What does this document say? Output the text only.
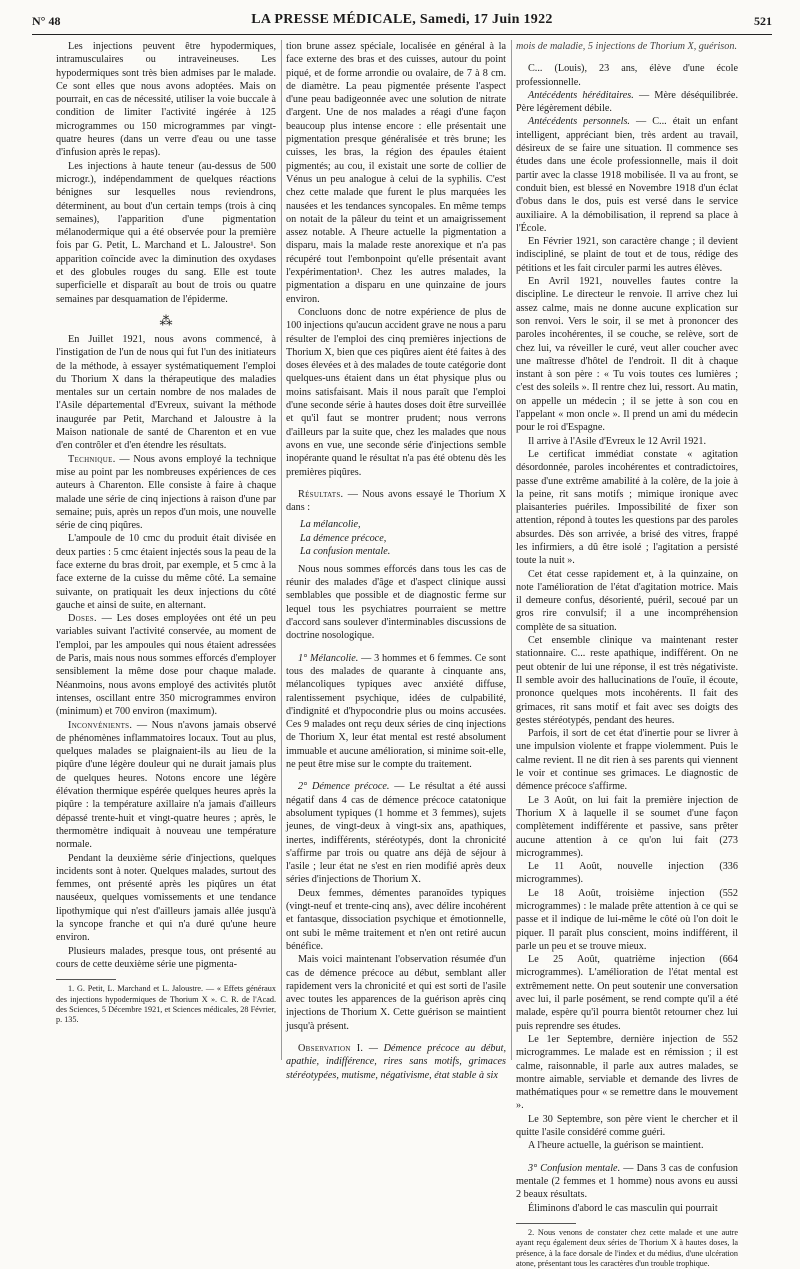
N° 48	LA PRESSE MÉDICALE, Samedi, 17 Juin 1922	521

Les injections peuvent être hypodermiques, intramusculaires ou intraveineuses. Les hypodermiques sont très bien admises par le malade. Ce sont elles que nous avons adoptées. Mais on pourrait, en cas de nécessité, utiliser la voie buccale à condition de limiter l'activité ingérée à 125 microgrammes ou 150 microgrammes par vingt-quatre heures (dans un verre d'eau ou une tasse d'infusion après le repas).

Les injections à haute teneur (au-dessus de 500 microgr.), indépendamment de quelques réactions bénignes sur lesquelles nous reviendrons, déterminent, au bout d'un certain temps (trois à cinq semaines), l'apparition d'une pigmentation mélanodermique qui a été observée pour la première fois par G. Petit, L. Marchand et L. Jaloustre¹. Son apparition coïncide avec la diminution des oxydases et des globules rouges du sang. Elle est toute superficielle et disparaît au bout de trois ou quatre semaines par desquamation de l'épiderme.

⁂

En Juillet 1921, nous avons commencé, à l'instigation de l'un de nous qui fut l'un des initiateurs de la méthode, à essayer systématiquement l'emploi du Thorium X dans la thérapeutique des maladies mentales sur un certain nombre de nos malades de l'Asile départemental d'Evreux, suivant la méthode inaugurée par Petit, Marchand et Jaloustre à la Maison nationale de santé de Charenton et en vue d'en contrôler et d'en étendre les résultats.

Technique. — Nous avons employé la technique mise au point par les nombreuses expériences de ces auteurs à Charenton. Elle consiste à faire à chaque malade une série de cinq injections à raison d'une par semaine; puis, après un repos d'un mois, une nouvelle série de cinq piqûres.

L'ampoule de 10 cmc du produit était divisée en deux parties : 5 cmc étaient injectés sous la peau de la face externe du bras droit, par exemple, et 5 cmc à la face externe de la cuisse du même côté. La semaine suivante, on pratiquait les deux injections du côté gauche et ainsi de suite, en alternant.

Doses. — Les doses employées ont été un peu variables suivant l'activité conservée, au moment de l'emploi, par les ampoules qui nous étaient adressées de Paris, mais nous nous sommes efforcés d'employer sensiblement la même dose pour chaque malade. Néanmoins, nous avons employé des activités plutôt intenses, oscillant entre 350 microgrammes environ (minimum) et 700 environ (maximum).

Inconvénients. — Nous n'avons jamais observé de phénomènes inflammatoires locaux. Tout au plus, quelques malades se plaignaient-ils au lieu de la piqûre d'une légère douleur qui ne durait jamais plus de quelques heures. Notons encore une légère élévation thermique espérée quelques heures après la piqûre : la température axillaire n'a jamais d'ailleurs dépassé trente-huit et vingt-quatre heures ; après, le thermomètre indiquait à nouveau une température normale.

Pendant la deuxième série d'injections, quelques incidents sont à noter. Quelques malades, surtout des femmes, ont présenté après les piqûres un état nauséeux, quelques vomissements et une tendance lipothymique qui n'est d'ailleurs jamais allée jusqu'à la syncope franche et qui n'a duré qu'une heure environ.

Plusieurs malades, presque tous, ont présenté au cours de cette deuxième série une pigmenta-

1. G. Petit, L. Marchand et L. Jaloustre. — « Effets généraux des injections hypodermiques de Thorium X ». C. R. de l'Acad. des Sciences, 5 Décembre 1921, et Sciences médicales, 28 Février, p. 135.

tion brune assez spéciale, localisée en général à la face externe des bras et des cuisses, autour du point piqué, et de forme arrondie ou ovalaire, de 7 à 8 cm. de diamètre. La peau pigmentée présente l'aspect d'une peau badigeonnée avec une solution de nitrate d'argent. Une de nos malades a réagi d'une façon beaucoup plus intense encore : elle présentait une pigmentation presque généralisée et très brune; les cuisses, les bras, la région des épaules étaient pigmentés; au cou, il existait une sorte de collier de Vénus un peu analogue à celui de la syphilis. C'est chez cette malade que furent le plus marquées les nausées et les tendances syncopales. En même temps on notait de la pâleur du teint et un amaigrissement assez notable. A l'heure actuelle la pigmentation a disparu, mais la malade reste anorexique et n'a pas récupéré tout l'embonpoint qu'elle présentait avant l'expérimentation¹. Chez les autres malades, la pigmentation a disparu en une quinzaine de jours environ.

Concluons donc de notre expérience de plus de 100 injections qu'aucun accident grave ne nous a paru résulter de l'emploi des cinq premières injections de Thorium X, bien que ces piqûres aient été faites à des doses élevées et à des malades de toute catégorie dont quelques-uns étaient dans un état physique plus ou moins satisfaisant. Mais il nous paraît que l'emploi d'une seconde série à hautes doses doit être surveillée et qu'il faut se montrer prudent; nous verrons d'ailleurs par la suite que, chez les malades que nous avons en vue, une seconde série d'injections semble inopérante quand le résultat n'a pas été obtenu dès les premières piqûres.

Résultats. — Nous avons essayé le Thorium X dans :

La mélancolie,
La démence précoce,
La confusion mentale.

Nous nous sommes efforcés dans tous les cas de réunir des malades d'âge et d'aspect clinique aussi semblables que possible et de diagnostic ferme sur lequel tous les psychiatres pourraient se mettre d'accord sans soulever d'interminables discussions de doctrine nosologique.

1° Mélancolie. — 3 hommes et 6 femmes. Ce sont tous des malades de quarante à cinquante ans, mélancoliques typiques avec anxiété diffuse, ralentissement psychique, idées de culpabilité, d'indignité et d'hypocondrie plus ou moins accusées. Ces 9 malades ont reçu deux séries de cinq injections de Thorium X, leur état mental est resté absolument immuable et aucune amélioration, si minime soit-elle, ne peut être mise sur le compte du traitement.

2° Démence précoce. — Le résultat a été aussi négatif dans 4 cas de démence précoce catatonique absolument typiques (1 homme et 3 femmes), sujets jeunes, de vingt-deux à vingt-six ans, apathiques, inertes, indifférents, stéréotypés, dont la chronicité s'affirme par trois ou quatre ans déjà de séjour à l'asile ; leur état ne s'est en rien modifié après deux séries d'injections de Thorium X.

Deux femmes, démentes paranoïdes typiques (vingt-neuf et trente-cinq ans), avec délire incohérent et fantasque, dissociation psychique et émotionnelle, ont subi le même traitement et n'en ont retiré aucun bénéfice.

Mais voici maintenant l'observation résumée d'un cas de démence précoce au début, semblant aller rapidement vers la chronicité et qui est sorti de l'asile avec toutes les apparences de la guérison après cinq injections de Thorium X. Cette guérison se maintient jusqu'à présent.

Observation I. — Démence précoce au début, apathie, indifférence, rires sans motifs, grimaces stéréotypées, mutisme, négativisme, état stable à six

mois de maladie, 5 injections de Thorium X, guérison.

C... (Louis), 23 ans, élève d'une école professionnelle.

Antécédents héréditaires. — Mère déséquilibrée. Père légèrement débile.

Antécédents personnels. — C... était un enfant intelligent, appréciant bien, très ardent au travail, désireux de se faire une situation. Il commence ses études dans une école professionnelle, mais il doit partir avec la classe 1918 mobilisée. Il va au front, se conduit bien, est blessé en Novembre 1918 d'un éclat d'obus dans le dos, puis est versé dans le service auxiliaire. A la démobilisation, il reprend sa place à l'École.

En Février 1921, son caractère change ; il devient indiscipliné, se plaint de tout et de tous, rédige des pétitions et les fait circuler parmi les autres élèves.

En Avril 1921, nouvelles fautes contre la discipline. Le directeur le renvoie. Il arrive chez lui assez calme, mais ne donne aucune explication sur son renvoi. Vers le soir, il se met à prononcer des paroles incohérentes, il se couche, se relève, sort de chez lui, va réveiller le curé, veut aller coucher avec une maîtresse d'hôtel de l'endroit. Il dit à chaque instant à son père : « Tu vois toutes ces lumières ; c'est des soleils ». Il rentre chez lui, ressort. Au matin, on appelle un médecin ; il se jette à son cou en l'appelant « mon oncle ». Il prend un ami du médecin pour le roi d'Espagne.

Il arrive à l'Asile d'Evreux le 12 Avril 1921.

Le certificat immédiat constate « agitation désordonnée, paroles incohérentes et contradictoires, passe d'une extrême amabilité à la colère, de la joie à la peine, rit sans motifs ; mimique ironique avec plaisanteries puériles. Impossibilité de fixer son attention, répond à toutes les questions par des paroles absurdes. Dès son arrivée, a brisé des vitres, frappé les infirmiers, a dû être isolé ; l'agitation a persisté toute la nuit ».

Cet état cesse rapidement et, à la quinzaine, on note l'amélioration de l'état d'agitation motrice. Mais il demeure confus, désorienté, puéril, secoué par un gros rire convulsif; il a une incompréhension complète de sa situation.

Cet ensemble clinique va maintenant rester stationnaire. C... reste apathique, indifférent. On ne peut obtenir de lui une réponse, il est très négativiste. Il semble avoir des hallucinations de l'ouïe, il écoute, prononce quelques mots incohérents. Il fait des grimaces, rit sans motif et fait avec ses doigts des gestes stéréotypés, pendant des heures.

Parfois, il sort de cet état d'inertie pour se livrer à une impulsion violente et frappe violemment. Puis le calme revient. Il ne dit rien à ses parents qui viennent le voir et continue ses grimaces. Le diagnostic de démence précoce s'affirme.

Le 3 Août, on lui fait la première injection de Thorium X à laquelle il se soumet d'une façon complètement indifférente et passive, sans prêter aucune attention à ce qu'on lui fait (273 microgrammes).

Le 11 Août, nouvelle injection (336 microgrammes).

Le 18 Août, troisième injection (552 microgrammes) : le malade prête attention à ce qui se passe et il indique de lui-même le côté où l'on doit le piquer. Il paraît plus conscient, moins indifférent, il parle un peu et se trouve mieux.

Le 25 Août, quatrième injection (664 microgrammes). L'amélioration de l'état mental est extrêmement nette. On peut soutenir une conversation avec lui, il parle posément, se rend compte qu'il a été malade, espère qu'il pourra bientôt retourner chez lui puis reprendre ses études.

Le 1er Septembre, dernière injection de 552 microgrammes. Le malade est en rémission ; il est calme, raisonnable, il parle aux autres malades, se montre aimable, serviable et demande des livres de mathématiques pour « se remettre dans le mouvement ».

Le 30 Septembre, son père vient le chercher et il quitte l'asile considéré comme guéri.

A l'heure actuelle, la guérison se maintient.

3° Confusion mentale. — Dans 3 cas de confusion mentale (2 femmes et 1 homme) nous avons eu aussi 2 beaux résultats.

Éliminons d'abord le cas masculin qui pourrait

2. Nous venons de constater chez cette malade et une autre ayant reçu également deux séries de Thorium X à hautes doses, la présence, à la face dorsale de l'index et du médius, d'une ulcération atone, présentant tous les caractères d'un trouble trophique.
